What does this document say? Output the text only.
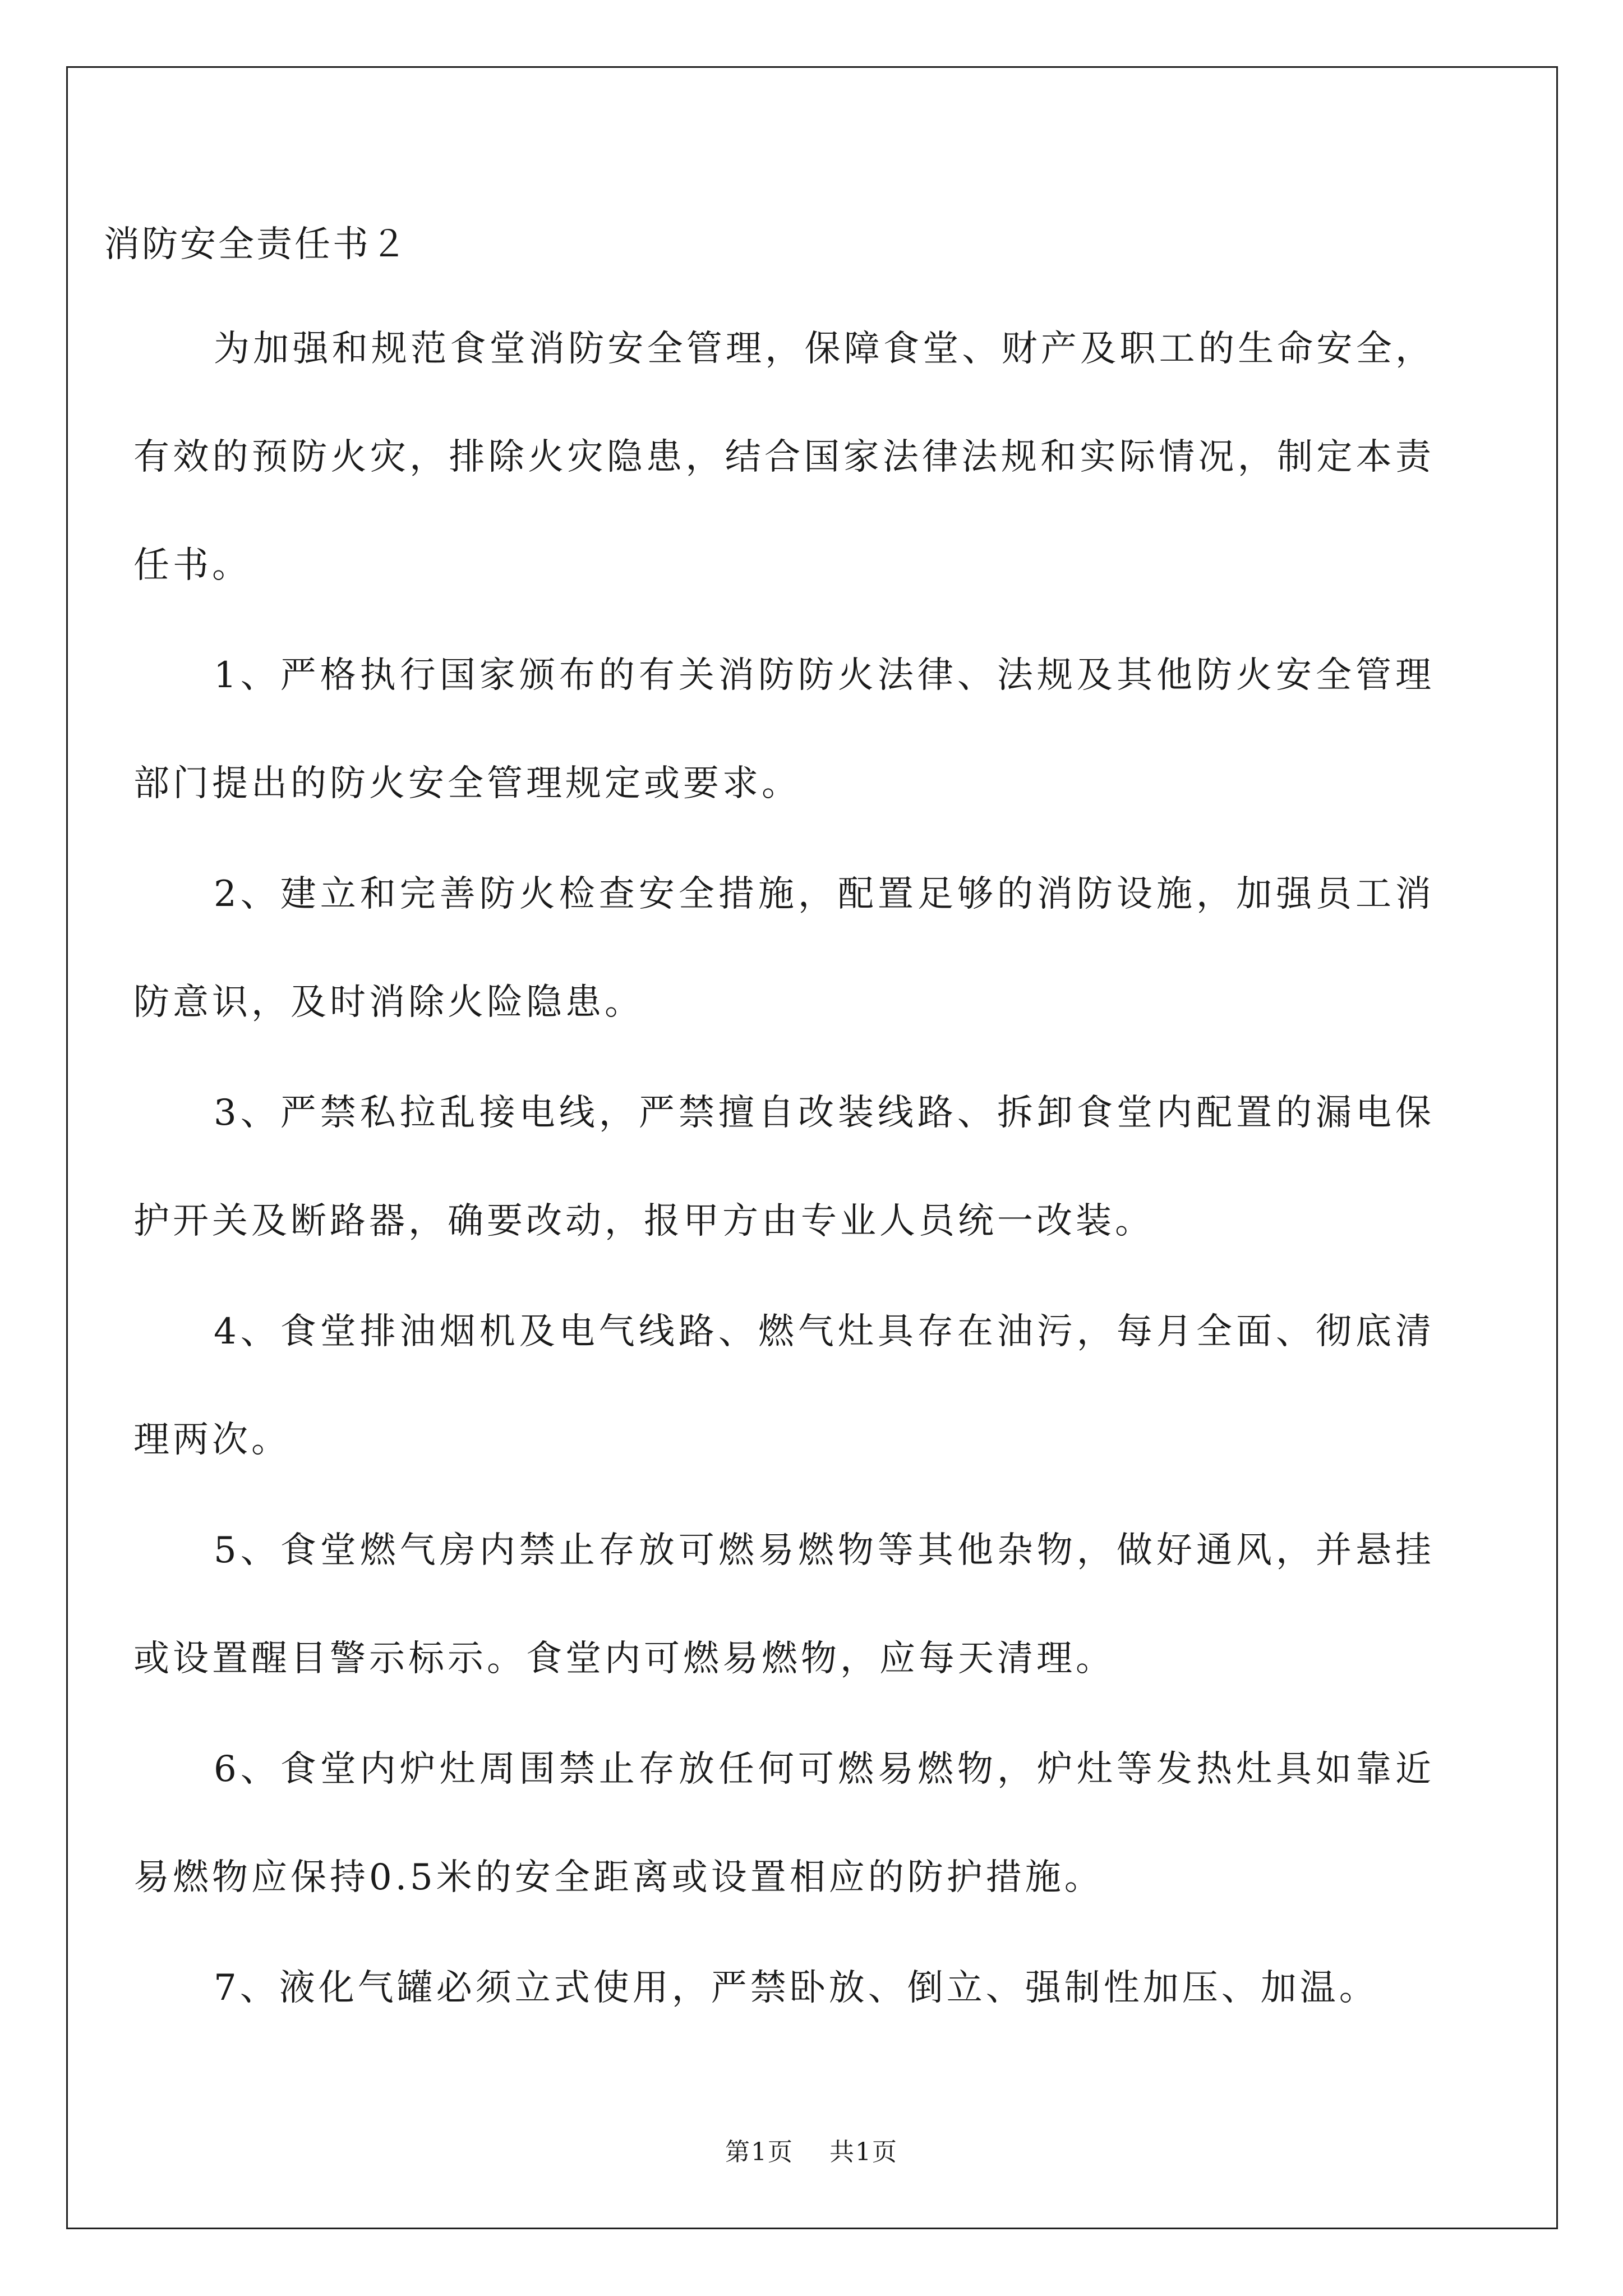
消防安全责任书２

为加强和规范食堂消防安全管理，保障食堂、财产及职工的生命安全，有效的预防火灾，排除火灾隐患，结合国家法律法规和实际情况，制定本责任书。

1、严格执行国家颁布的有关消防防火法律、法规及其他防火安全管理部门提出的防火安全管理规定或要求。

2、建立和完善防火检查安全措施，配置足够的消防设施，加强员工消防意识，及时消除火险隐患。

3、严禁私拉乱接电线，严禁擅自改装线路、拆卸食堂内配置的漏电保护开关及断路器，确要改动，报甲方由专业人员统一改装。

4、食堂排油烟机及电气线路、燃气灶具存在油污，每月全面、彻底清理两次。

5、食堂燃气房内禁止存放可燃易燃物等其他杂物，做好通风，并悬挂或设置醒目警示标示。食堂内可燃易燃物，应每天清理。

6、食堂内炉灶周围禁止存放任何可燃易燃物，炉灶等发热灶具如靠近易燃物应保持0.5米的安全距离或设置相应的防护措施。

7、液化气罐必须立式使用，严禁卧放、倒立、强制性加压、加温。

第1页 共1页
